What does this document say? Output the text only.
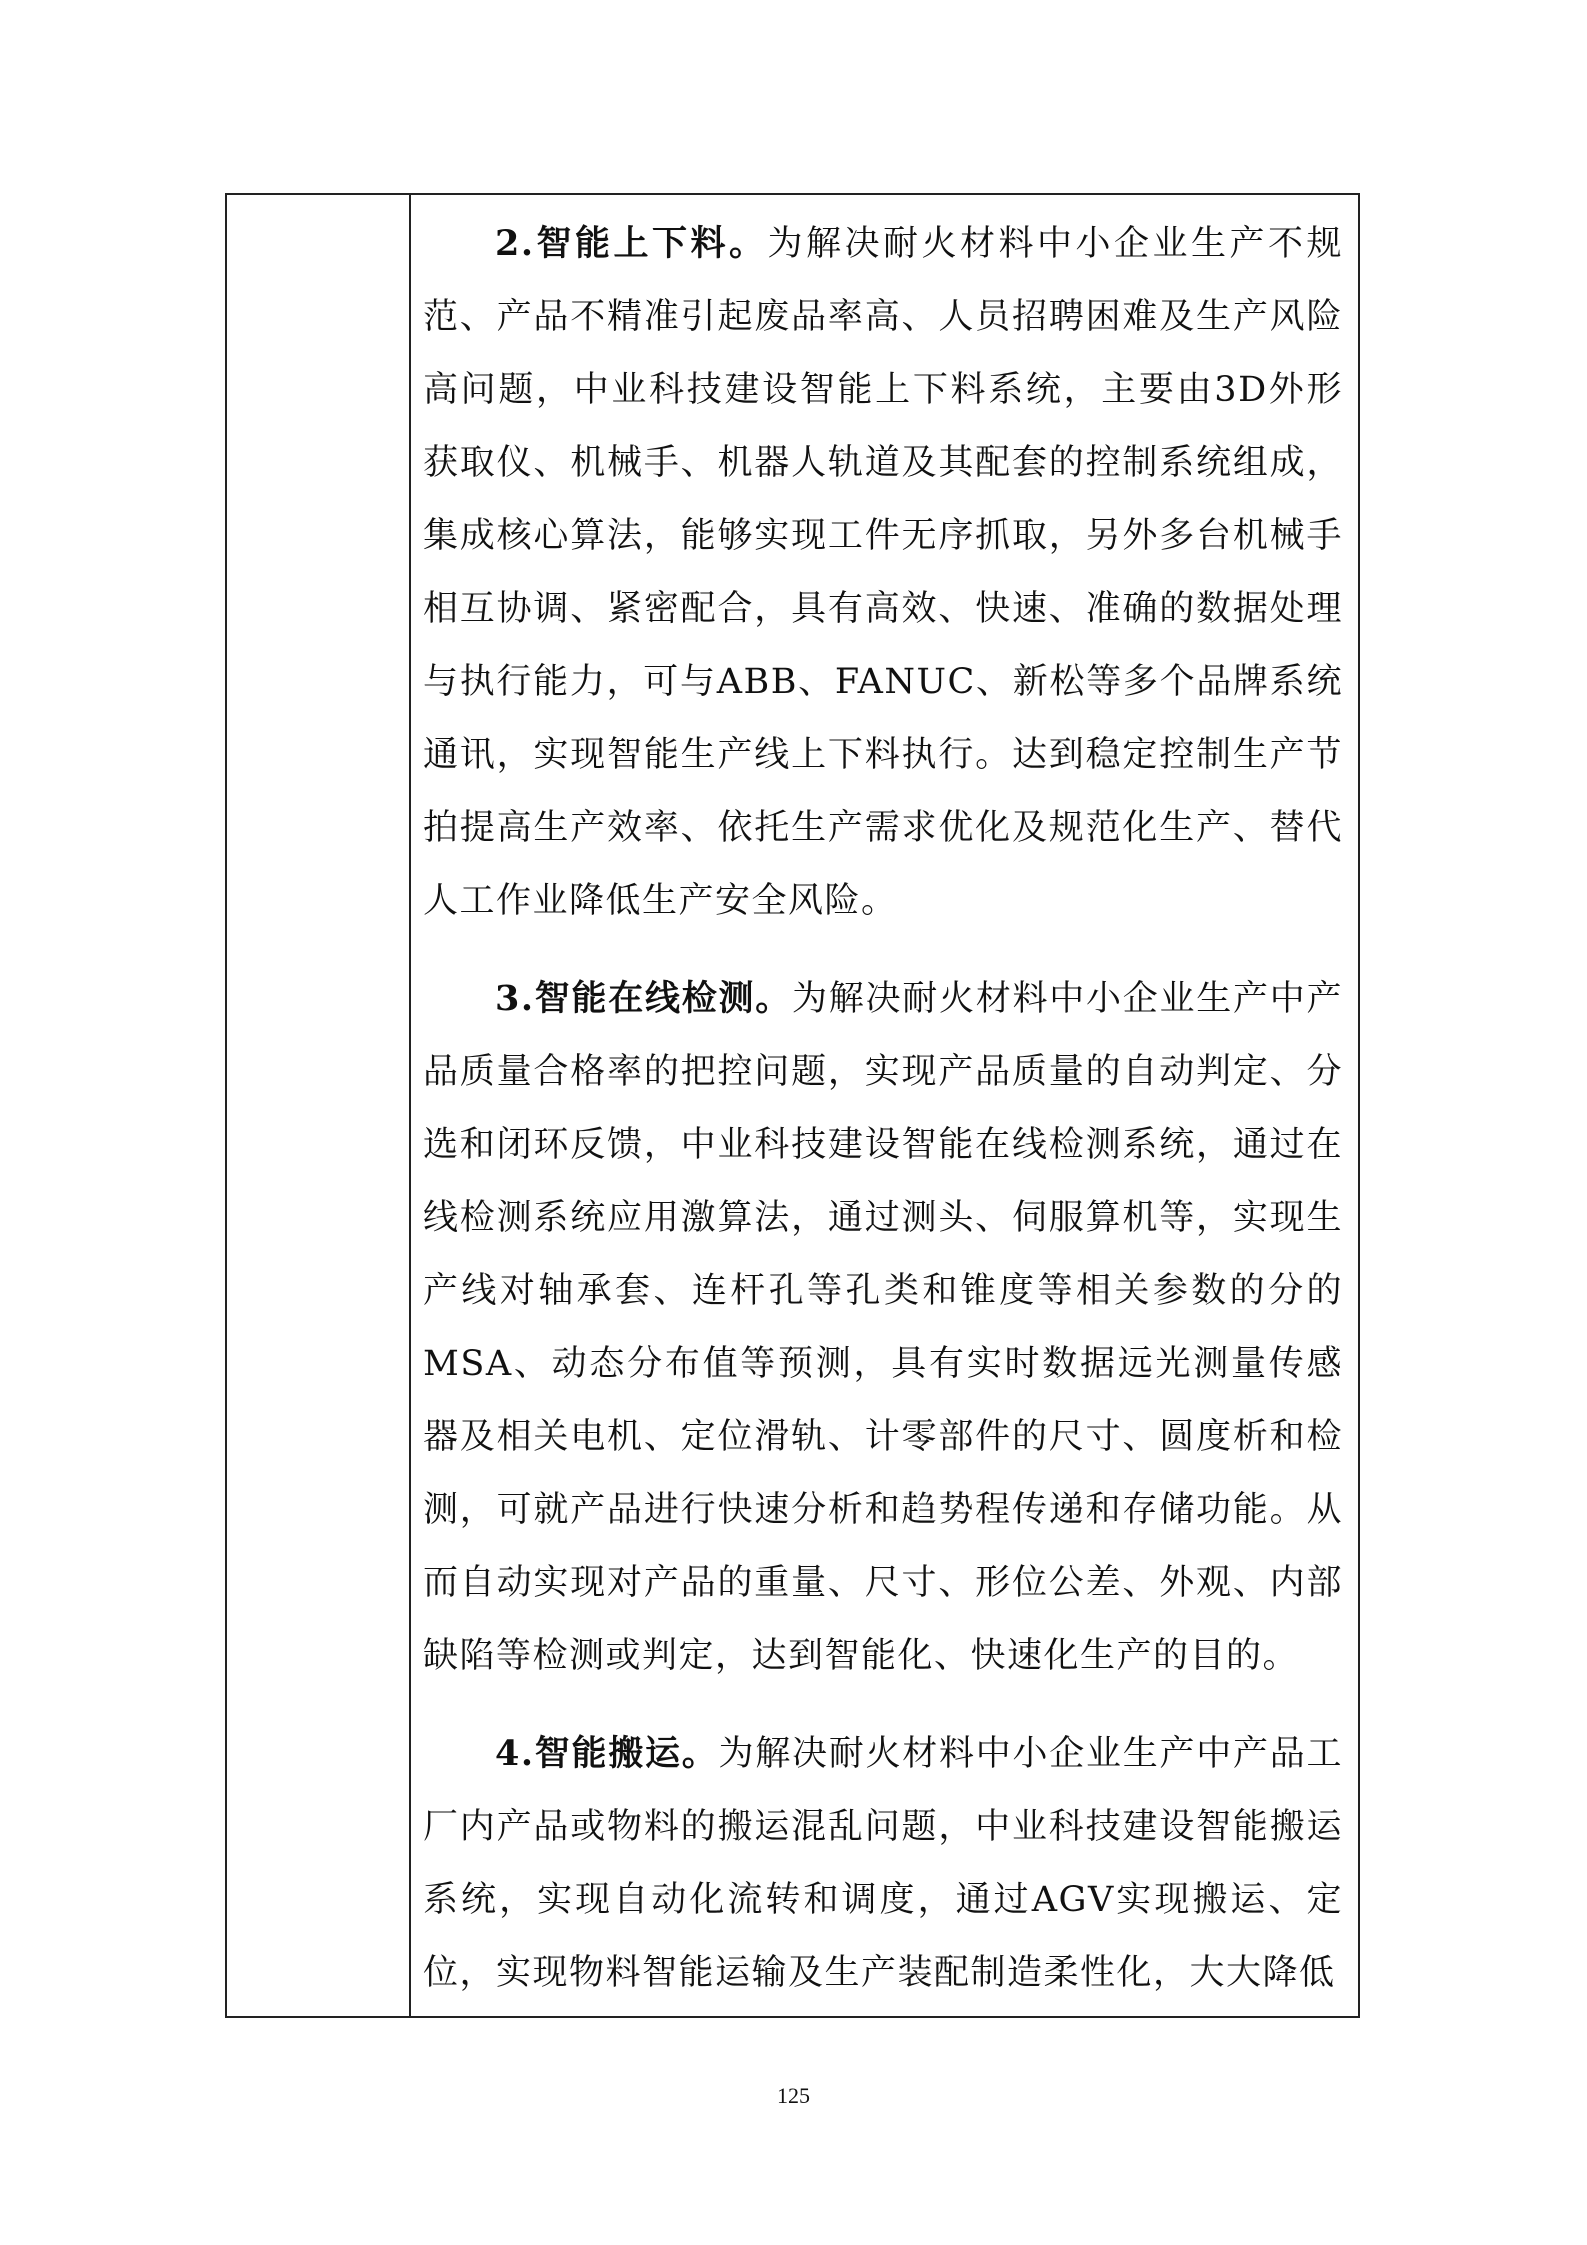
2.智能上下料。为解决耐火材料中小企业生产不规范、产品不精准引起废品率高、人员招聘困难及生产风险高问题，中业科技建设智能上下料系统，主要由3D外形获取仪、机械手、机器人轨道及其配套的控制系统组成，集成核心算法，能够实现工件无序抓取，另外多台机械手相互协调、紧密配合，具有高效、快速、准确的数据处理与执行能力，可与ABB、FANUC、新松等多个品牌系统通讯，实现智能生产线上下料执行。达到稳定控制生产节拍提高生产效率、依托生产需求优化及规范化生产、替代人工作业降低生产安全风险。

3.智能在线检测。为解决耐火材料中小企业生产中产品质量合格率的把控问题，实现产品质量的自动判定、分选和闭环反馈，中业科技建设智能在线检测系统，通过在线检测系统应用激算法，通过测头、伺服算机等，实现生产线对轴承套、连杆孔等孔类和锥度等相关参数的分的MSA、动态分布值等预测，具有实时数据远光测量传感器及相关电机、定位滑轨、计零部件的尺寸、圆度析和检测，可就产品进行快速分析和趋势程传递和存储功能。从而自动实现对产品的重量、尺寸、形位公差、外观、内部缺陷等检测或判定，达到智能化、快速化生产的目的。

4.智能搬运。为解决耐火材料中小企业生产中产品工厂内产品或物料的搬运混乱问题，中业科技建设智能搬运系统，实现自动化流转和调度，通过AGV实现搬运、定位，实现物料智能运输及生产装配制造柔性化，大大降低

125
